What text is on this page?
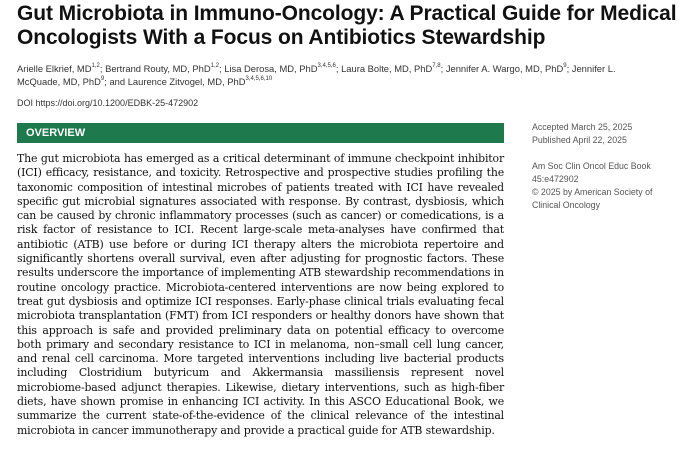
Gut Microbiota in Immuno-Oncology: A Practical Guide for Medical Oncologists With a Focus on Antibiotics Stewardship
Arielle Elkrief, MD$^{1,2}$; Bertrand Routy, MD, PhD$^{1,2}$; Lisa Derosa, MD, PhD$^{3,4,5,6}$; Laura Bolte, MD, PhD$^{7,8}$; Jennifer A. Wargo, MD, PhD$^9$; Jennifer L. McQuade, MD, PhD$^9$; and Laurence Zitvogel, MD, PhD$^{3,4,5,6,10}$
DOI https://doi.org/10.1200/EDBK-25-472902
OVERVIEW

The gut microbiota has emerged as a critical determinant of immune checkpoint inhibitor (ICI) efficacy, resistance, and toxicity. Retrospective and prospective studies profiling the taxonomic composition of intestinal microbes of patients treated with ICI have revealed specific gut microbial signatures associated with response. By contrast, dysbiosis, which can be caused by chronic inflammatory processes (such as cancer) or comedications, is a risk factor of resistance to ICI. Recent large-scale meta-analyses have confirmed that antibiotic (ATB) use before or during ICI therapy alters the microbiota repertoire and significantly shortens overall survival, even after adjusting for prognostic factors. These results underscore the importance of implementing ATB stewardship recommendations in routine oncology practice. Microbiota-centered interventions are now being explored to treat gut dysbiosis and optimize ICI responses. Early-phase clinical trials evaluating fecal microbiota transplantation (FMT) from ICI responders or healthy donors have shown that this approach is safe and provided preliminary data on potential efficacy to overcome both primary and secondary resistance to ICI in melanoma, non–small cell lung cancer, and renal cell carcinoma. More targeted interventions including live bacterial products including Clostridium butyricum and Akkermansia massiliensis represent novel microbiome-based adjunct therapies. Likewise, dietary interventions, such as high-fiber diets, have shown promise in enhancing ICI activity. In this ASCO Educational Book, we summarize the current state-of-the-evidence of the clinical relevance of the intestinal microbiota in cancer immunotherapy and provide a practical guide for ATB stewardship.

Accepted March 25, 2025
Published April 22, 2025
Am Soc Clin Oncol Educ Book
45:e472902
© 2025 by American Society of
Clinical Oncology
